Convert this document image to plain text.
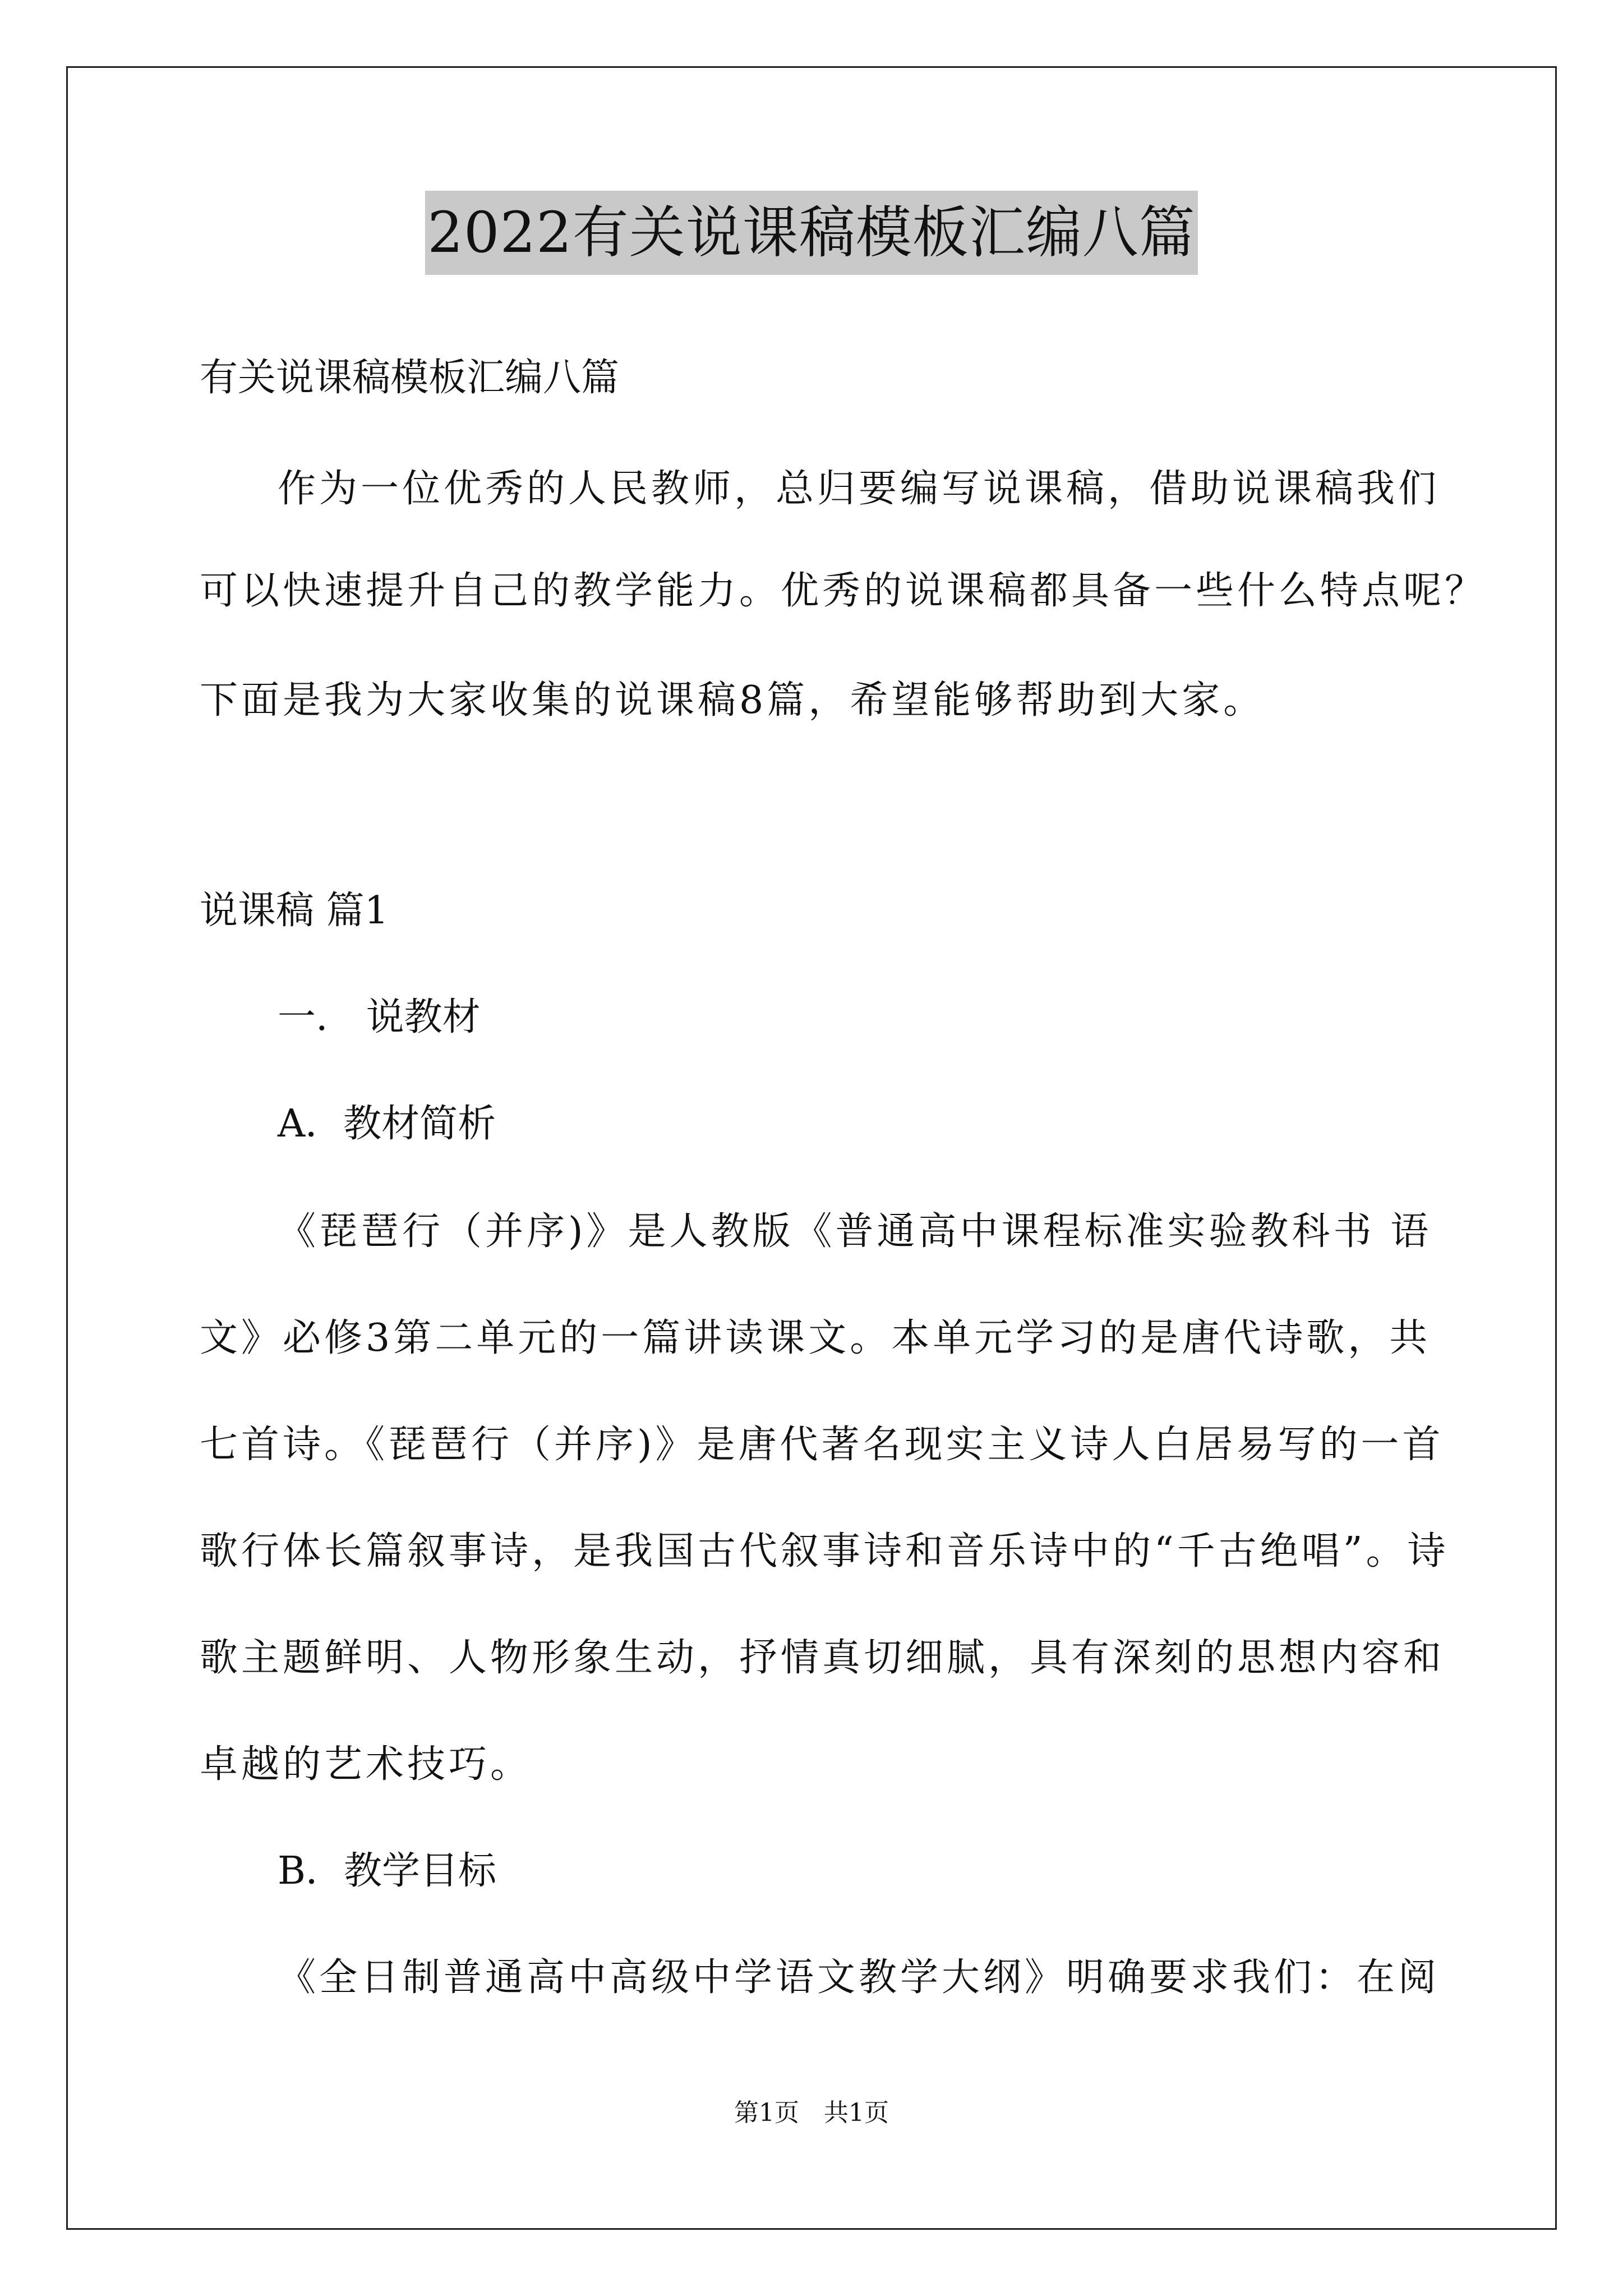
2022有关说课稿模板汇编八篇
有关说课稿模板汇编八篇
作为一位优秀的人民教师，总归要编写说课稿，借助说课稿我们
可以快速提升自己的教学能力。优秀的说课稿都具备一些什么特点呢？
下面是我为大家收集的说课稿8篇，希望能够帮助到大家。
说课稿 篇1
一.　说教材
A．教材简析
《琵琶行（并序)》是人教版《普通高中课程标准实验教科书 语
文》必修3第二单元的一篇讲读课文。本单元学习的是唐代诗歌，共
七首诗。《琵琶行（并序)》是唐代著名现实主义诗人白居易写的一首
歌行体长篇叙事诗，是我国古代叙事诗和音乐诗中的“千古绝唱”。诗
歌主题鲜明、人物形象生动，抒情真切细腻，具有深刻的思想内容和
卓越的艺术技巧。
B．教学目标
《全日制普通高中高级中学语文教学大纲》明确要求我们：在阅
第1页　共1页
